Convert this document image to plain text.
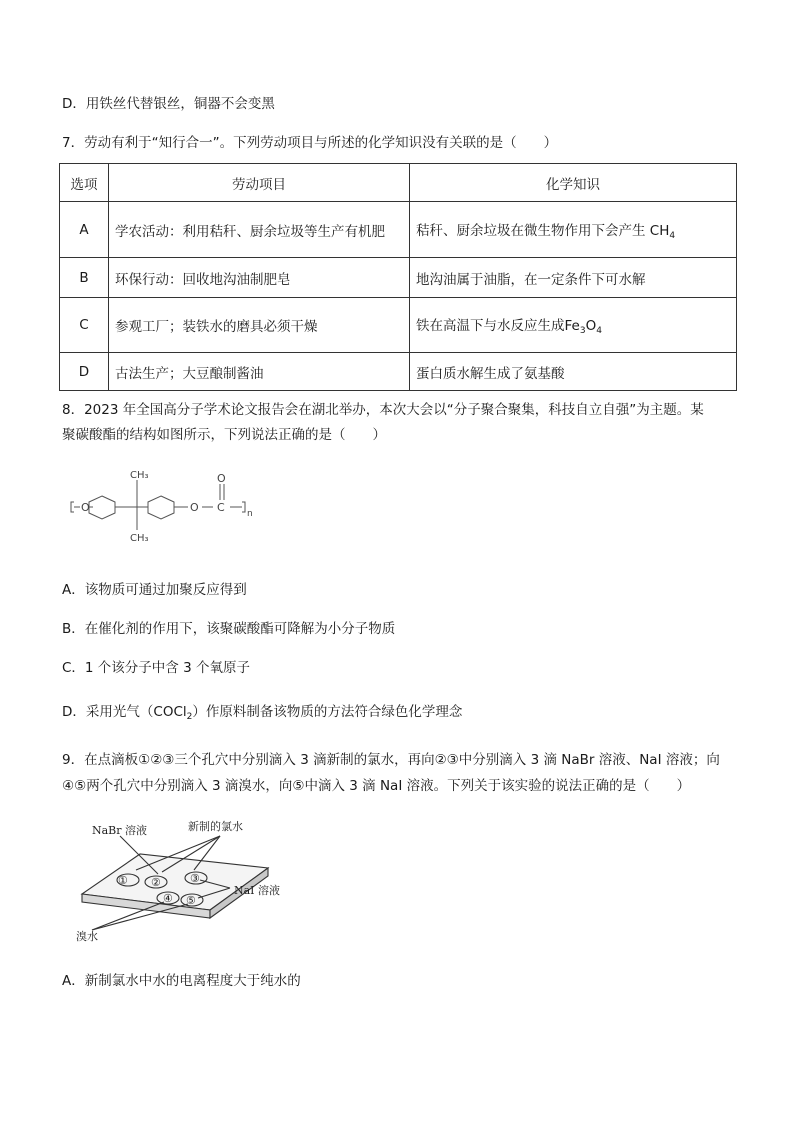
D．用铁丝代替银丝，铜器不会变黑
7．劳动有利于“知行合一”。下列劳动项目与所述的化学知识没有关联的是（　　）
选项	劳动项目	化学知识
A	学农活动：利用秸秆、厨余垃圾等生产有机肥	秸秆、厨余垃圾在微生物作用下会产生 $CH_4$
B	环保行动：回收地沟油制肥皂	地沟油属于油脂，在一定条件下可水解
C	参观工厂；装铁水的磨具必须干燥	铁在高温下与水反应生成$Fe_3O_4$
D	古法生产；大豆酿制酱油	蛋白质水解生成了氨基酸
8．2023 年全国高分子学术论文报告会在湖北举办，本次大会以“分子聚合聚集，科技自立自强”为主题。某
聚碳酸酯的结构如图所示，下列说法正确的是（　　）
O
CH₃
CH₃
O C
O
n
A．该物质可通过加聚反应得到
B．在催化剂的作用下，该聚碳酸酯可降解为小分子物质
C．1 个该分子中含 3 个氧原子
D．采用光气（COCl$_2$）作原料制备该物质的方法符合绿色化学理念
9．在点滴板①②③三个孔穴中分别滴入 3 滴新制的氯水，再向②③中分别滴入 3 滴 NaBr 溶液、NaI 溶液；向
④⑤两个孔穴中分别滴入 3 滴溴水，向⑤中滴入 3 滴 NaI 溶液。下列关于该实验的说法正确的是（　　）
① ②	③
④ ⑤
NaBr 溶液	新制的氯水
NaI 溶液
溴水
A．新制氯水中水的电离程度大于纯水的
